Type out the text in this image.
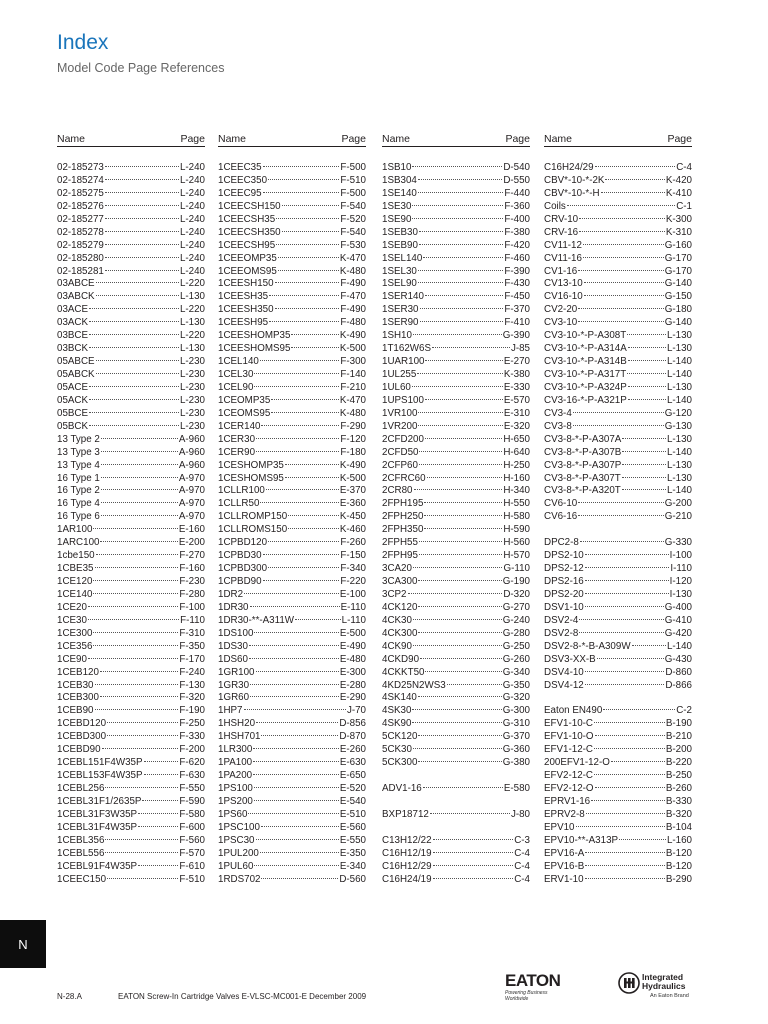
Index
Model Code Page References
Name	Page
02-185273	L-240
02-185274	L-240
02-185275	L-240
02-185276	L-240
02-185277	L-240
02-185278	L-240
02-185279	L-240
02-185280	L-240
02-185281	L-240
03ABCE	L-220
03ABCK	L-130
03ACE	L-220
03ACK	L-130
03BCE	L-220
03BCK	L-130
05ABCE	L-230
05ABCK	L-230
05ACE	L-230
05ACK	L-230
05BCE	L-230
05BCK	L-230
13 Type 2	A-960
13 Type 3	A-960
13 Type 4	A-960
16 Type 1	A-970
16 Type 2	A-970
16 Type 4	A-970
16 Type 6	A-970
1AR100	E-160
1ARC100	E-200
1cbe150	F-270
1CBE35	F-160
1CE120	F-230
1CE140	F-280
1CE20	F-100
1CE30	F-110
1CE300	F-310
1CE356	F-350
1CE90	F-170
1CEB120	F-240
1CEB30	F-130
1CEB300	F-320
1CEB90	F-190
1CEBD120	F-250
1CEBD300	F-330
1CEBD90	F-200
1CEBL151F4W35P	F-620
1CEBL153F4W35P	F-630
1CEBL256	F-550
1CEBL31F1/2635P	F-590
1CEBL31F3W35P	F-580
1CEBL31F4W35P	F-600
1CEBL356	F-560
1CEBL556	F-570
1CEBL91F4W35P	F-610
1CEEC150	F-510
Name	Page
1CEEC35	F-500
1CEEC350	F-510
1CEEC95	F-500
1CEECSH150	F-540
1CEECSH35	F-520
1CEECSH350	F-540
1CEECSH95	F-530
1CEEOMP35	K-470
1CEEOMS95	K-480
1CEESH150	F-490
1CEESH35	F-470
1CEESH350	F-490
1CEESH95	F-480
1CEESHOMP35	K-490
1CEESHOMS95	K-500
1CEL140	F-300
1CEL30	F-140
1CEL90	F-210
1CEOMP35	K-470
1CEOMS95	K-480
1CER140	F-290
1CER30	F-120
1CER90	F-180
1CESHOMP35	K-490
1CESHOMS95	K-500
1CLLR100	E-370
1CLLR50	E-360
1CLLROMP150	K-450
1CLLROMS150	K-460
1CPBD120	F-260
1CPBD30	F-150
1CPBD300	F-340
1CPBD90	F-220
1DR2	E-100
1DR30	E-110
1DR30-**-A311W	L-110
1DS100	E-500
1DS30	E-490
1DS60	E-480
1GR100	E-300
1GR30	E-280
1GR60	E-290
1HP7	J-70
1HSH20	D-856
1HSH701	D-870
1LR300	E-260
1PA100	E-630
1PA200	E-650
1PS100	E-520
1PS200	E-540
1PS60	E-510
1PSC100	E-560
1PSC30	E-550
1PUL200	E-350
1PUL60	E-340
1RDS702	D-560
Name	Page
1SB10	D-540
1SB304	D-550
1SE140	F-440
1SE30	F-360
1SE90	F-400
1SEB30	F-380
1SEB90	F-420
1SEL140	F-460
1SEL30	F-390
1SEL90	F-430
1SER140	F-450
1SER30	F-370
1SER90	F-410
1SH10	G-390
1T162W6S	J-85
1UAR100	E-270
1UL255	K-380
1UL60	E-330
1UPS100	E-570
1VR100	E-310
1VR200	E-320
2CFD200	H-650
2CFD50	H-640
2CFP60	H-250
2CFRC60	H-160
2CR80	H-340
2FPH195	H-550
2FPH250	H-580
2FPH350	H-590
2FPH55	H-560
2FPH95	H-570
3CA20	G-110
3CA300	G-190
3CP2	D-320
4CK120	G-270
4CK30	G-240
4CK300	G-280
4CK90	G-250
4CKD90	G-260
4CKKT50	G-340
4KD25N2WS3	G-350
4SK140	G-320
4SK30	G-300
4SK90	G-310
5CK120	G-370
5CK30	G-360
5CK300	G-380
ADV1-16	E-580
BXP18712	J-80
C13H12/22	C-3
C16H12/19	C-4
C16H12/29	C-4
C16H24/19	C-4
Name	Page
C16H24/29	C-4
CBV*-10-*-2K	K-420
CBV*-10-*-H	K-410
Coils	C-1
CRV-10	K-300
CRV-16	K-310
CV11-12	G-160
CV11-16	G-170
CV1-16	G-170
CV13-10	G-140
CV16-10	G-150
CV2-20	G-180
CV3-10	G-140
CV3-10-*-P-A308T	L-130
CV3-10-*-P-A314A	L-130
CV3-10-*-P-A314B	L-140
CV3-10-*-P-A317T	L-140
CV3-10-*-P-A324P	L-130
CV3-16-*-P-A321P	L-140
CV3-4	G-120
CV3-8	G-130
CV3-8-*-P-A307A	L-130
CV3-8-*-P-A307B	L-140
CV3-8-*-P-A307P	L-130
CV3-8-*-P-A307T	L-130
CV3-8-*-P-A320T	L-140
CV6-10	G-200
CV6-16	G-210
DPC2-8	G-330
DPS2-10	I-100
DPS2-12	I-110
DPS2-16	I-120
DPS2-20	I-130
DSV1-10	G-400
DSV2-4	G-410
DSV2-8	G-420
DSV2-8-*-B-A309W	L-140
DSV3-XX-B	G-430
DSV4-10	D-860
DSV4-12	D-866
Eaton EN490	C-2
EFV1-10-C	B-190
EFV1-10-O	B-210
EFV1-12-C	B-200
200EFV1-12-O	B-220
EFV2-12-C	B-250
EFV2-12-O	B-260
EPRV1-16	B-330
EPRV2-8	B-320
EPV10	B-104
EPV10-**-A313P	L-160
EPV16-A	B-120
EPV16-B	B-120
ERV1-10	B-290
N
N-28.A	EATON Screw-In Cartridge Valves E-VLSC-MC001-E December 2009
EATON
Powering Business Worldwide
Integrated
Hydraulics
An Eaton Brand
